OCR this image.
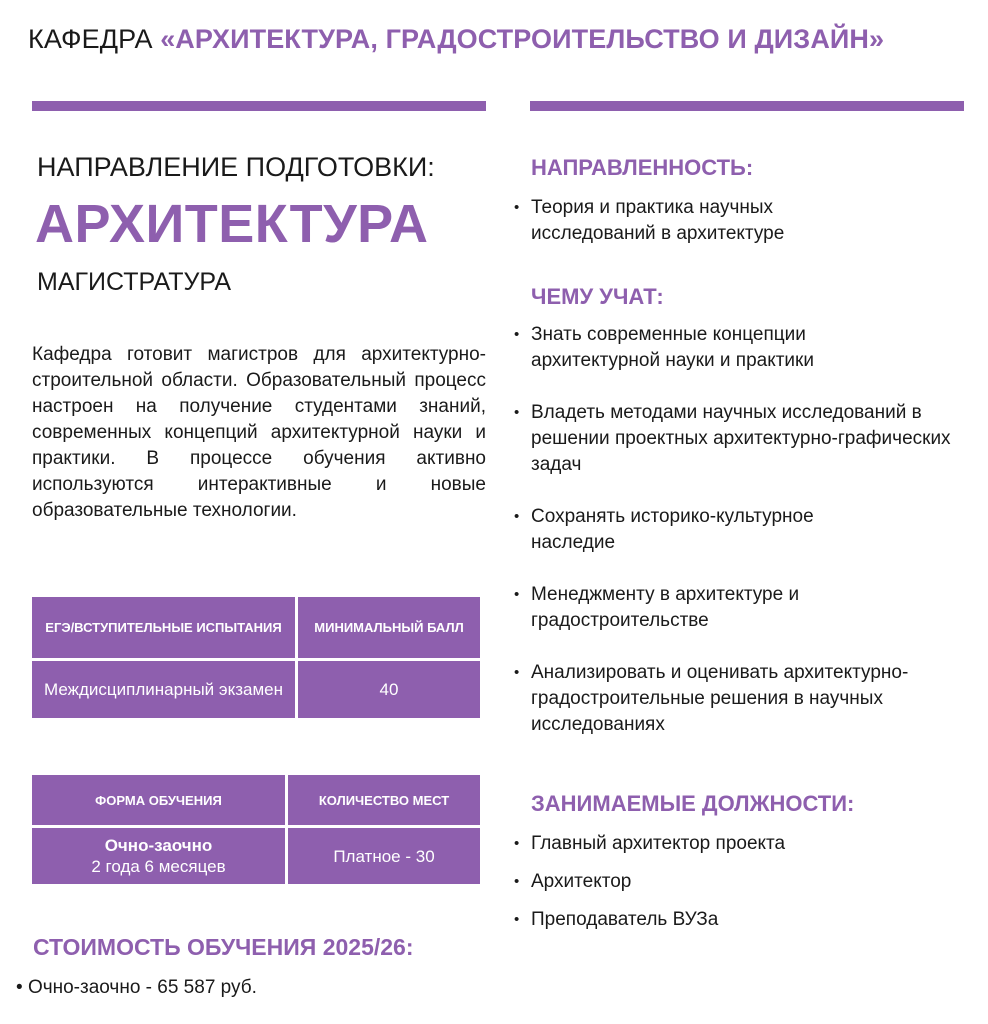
КАФЕДРА «АРХИТЕКТУРА, ГРАДОСТРОИТЕЛЬСТВО И ДИЗАЙН»
НАПРАВЛЕНИЕ ПОДГОТОВКИ:
АРХИТЕКТУРА
МАГИСТРАТУРА
Кафедра готовит магистров для архитектурно-строительной области. Образовательный процесс настроен на получение студентами знаний, современных концепций архитектурной науки и практики. В процессе обучения активно используются интерактивные и новые образовательные технологии.
ЕГЭ/ВСТУПИТЕЛЬНЫЕ ИСПЫТАНИЯ	МИНИМАЛЬНЫЙ БАЛЛ
Междисциплинарный экзамен	40
ФОРМА ОБУЧЕНИЯ	КОЛИЧЕСТВО МЕСТ

Очно-заочно
2 года 6 месяцев	Платное - 30
СТОИМОСТЬ ОБУЧЕНИЯ 2025/26:
• Очно-заочно - 65 587 руб.
НАПРАВЛЕННОСТЬ:
• Теория и практика научных исследований в архитектуре
ЧЕМУ УЧАТ:
• Знать современные концепции архитектурной науки и практики
• Владеть методами научных исследований в решении проектных архитектурно-графических задач
• Сохранять историко-культурное наследие
• Менеджменту в архитектуре и градостроительстве
• Анализировать и оценивать архитектурно-градостроительные решения в научных исследованиях
ЗАНИМАЕМЫЕ ДОЛЖНОСТИ:
• Главный архитектор проекта
• Архитектор
• Преподаватель ВУЗа
